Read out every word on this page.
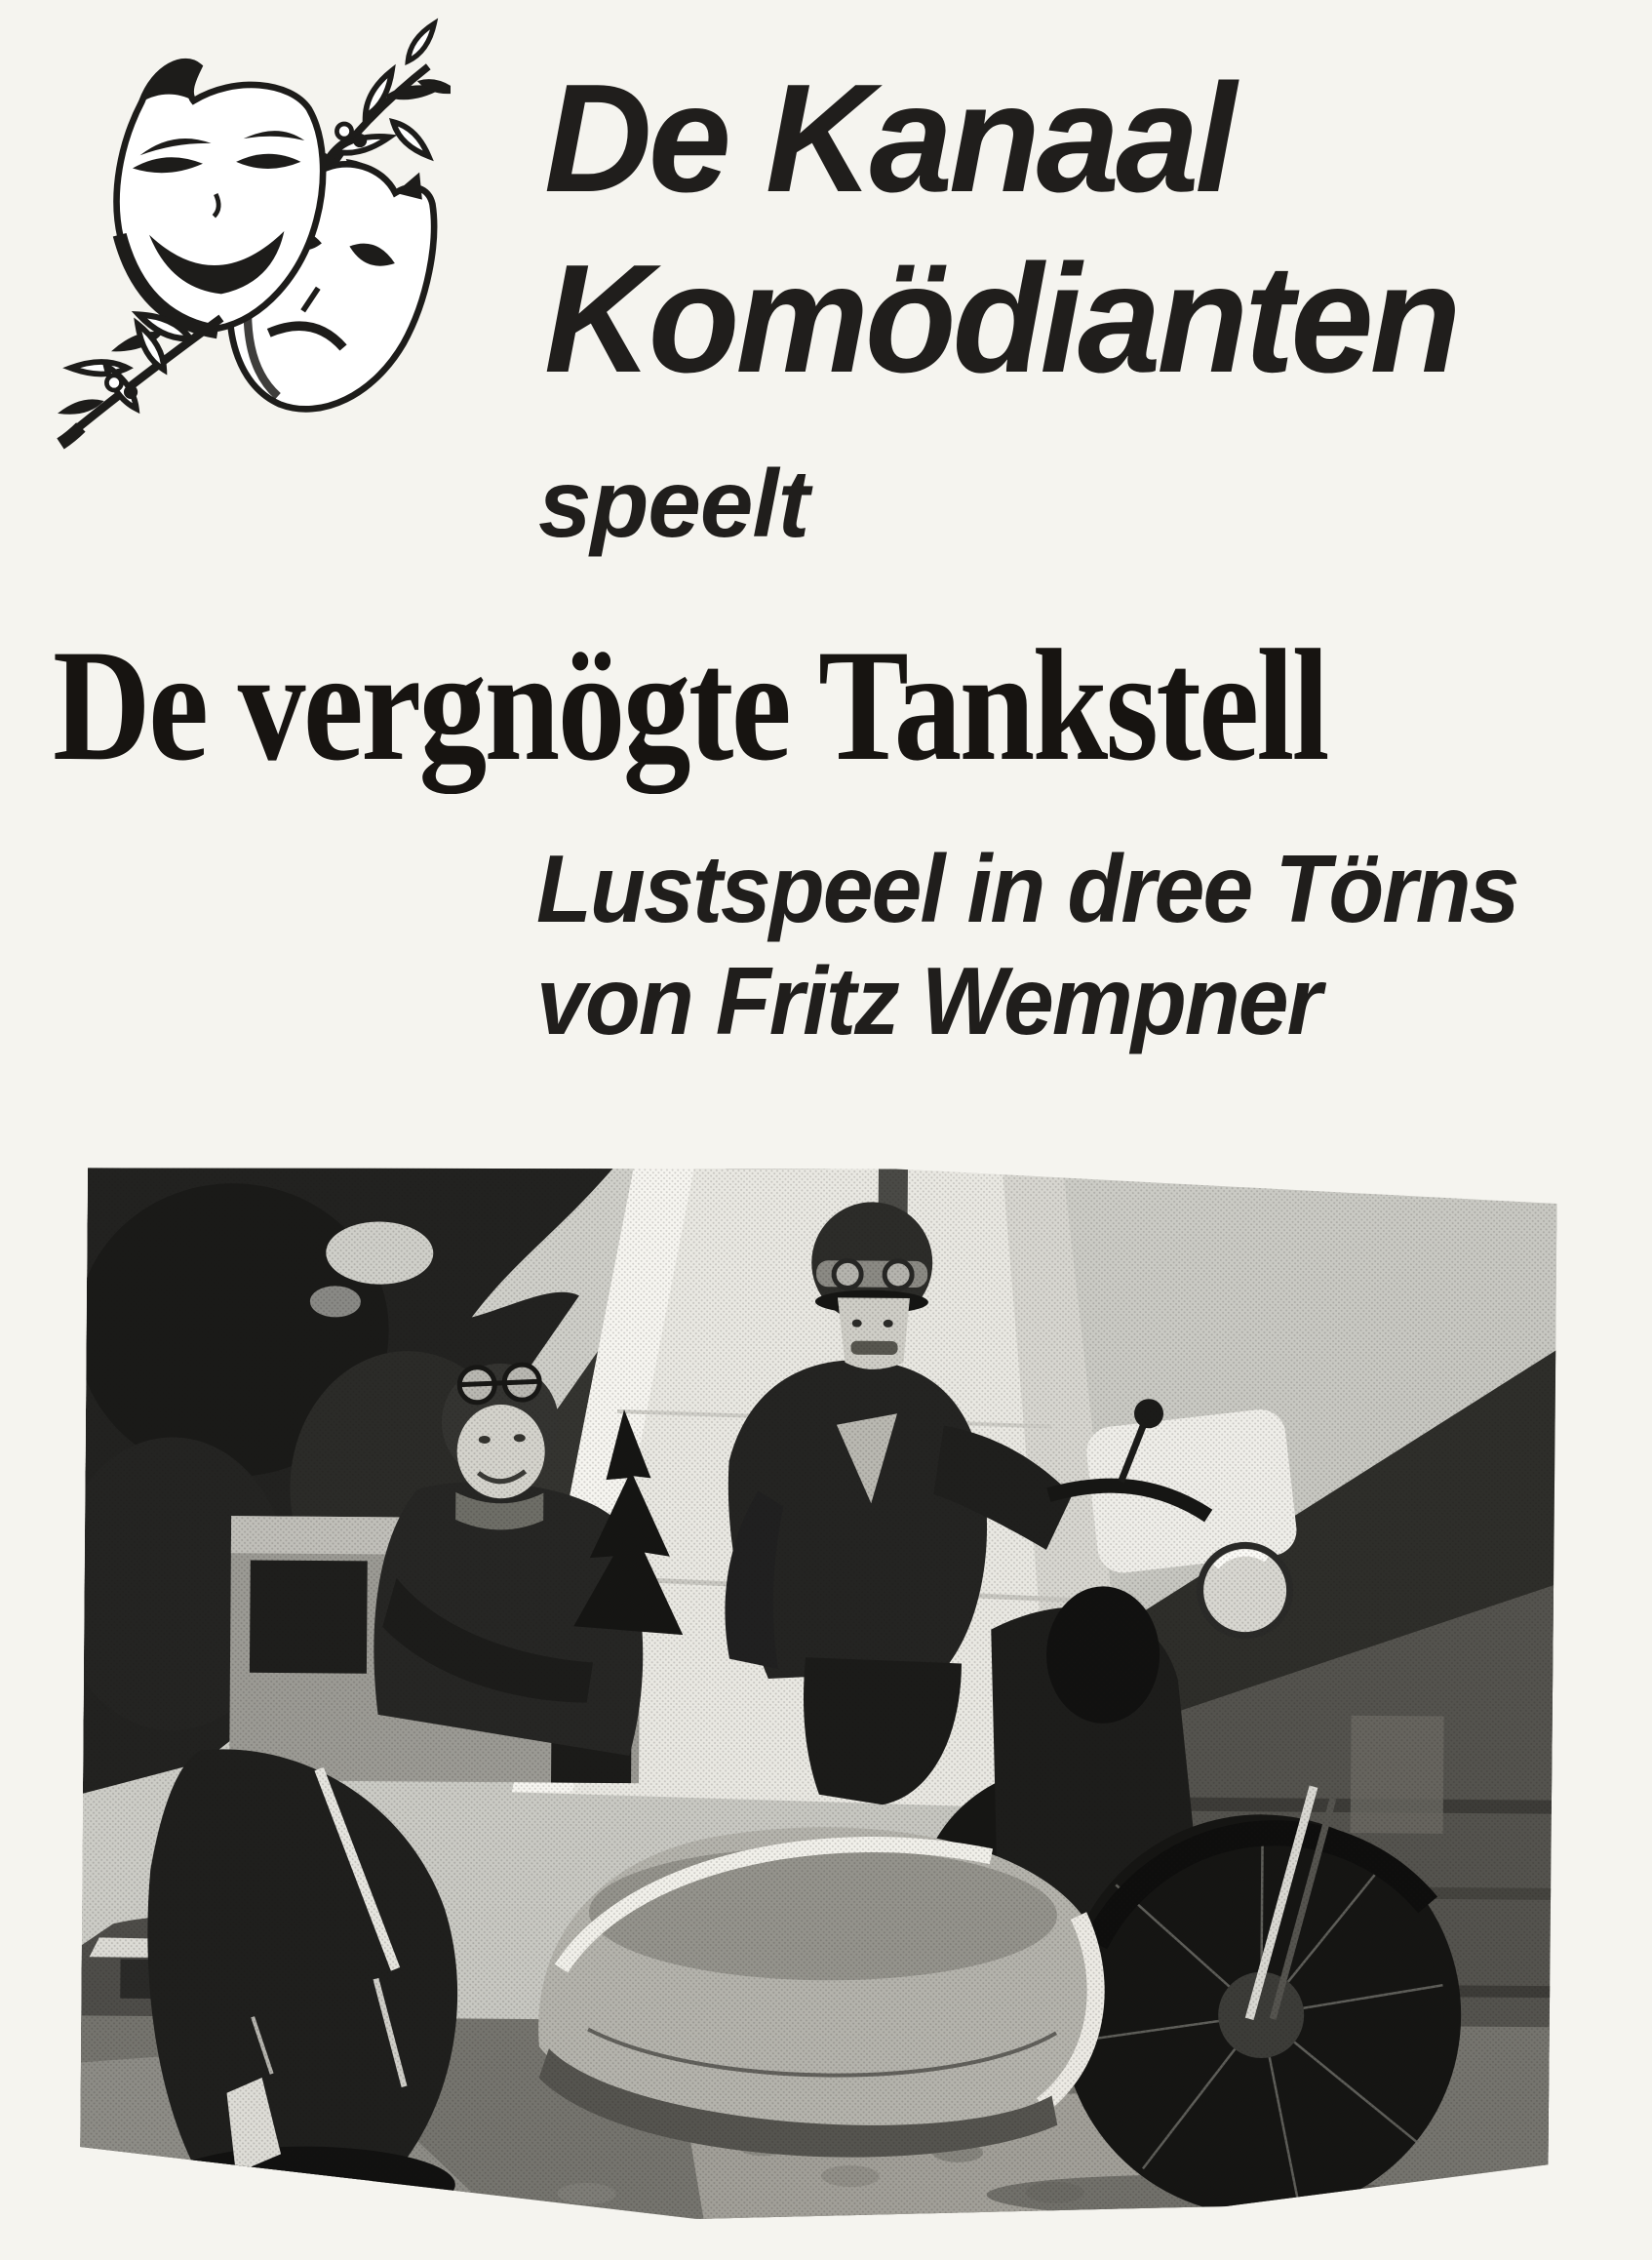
De Kanaal
Komödianten
speelt
De vergnögte Tankstell
Lustspeel in dree Törns
von Fritz Wempner
